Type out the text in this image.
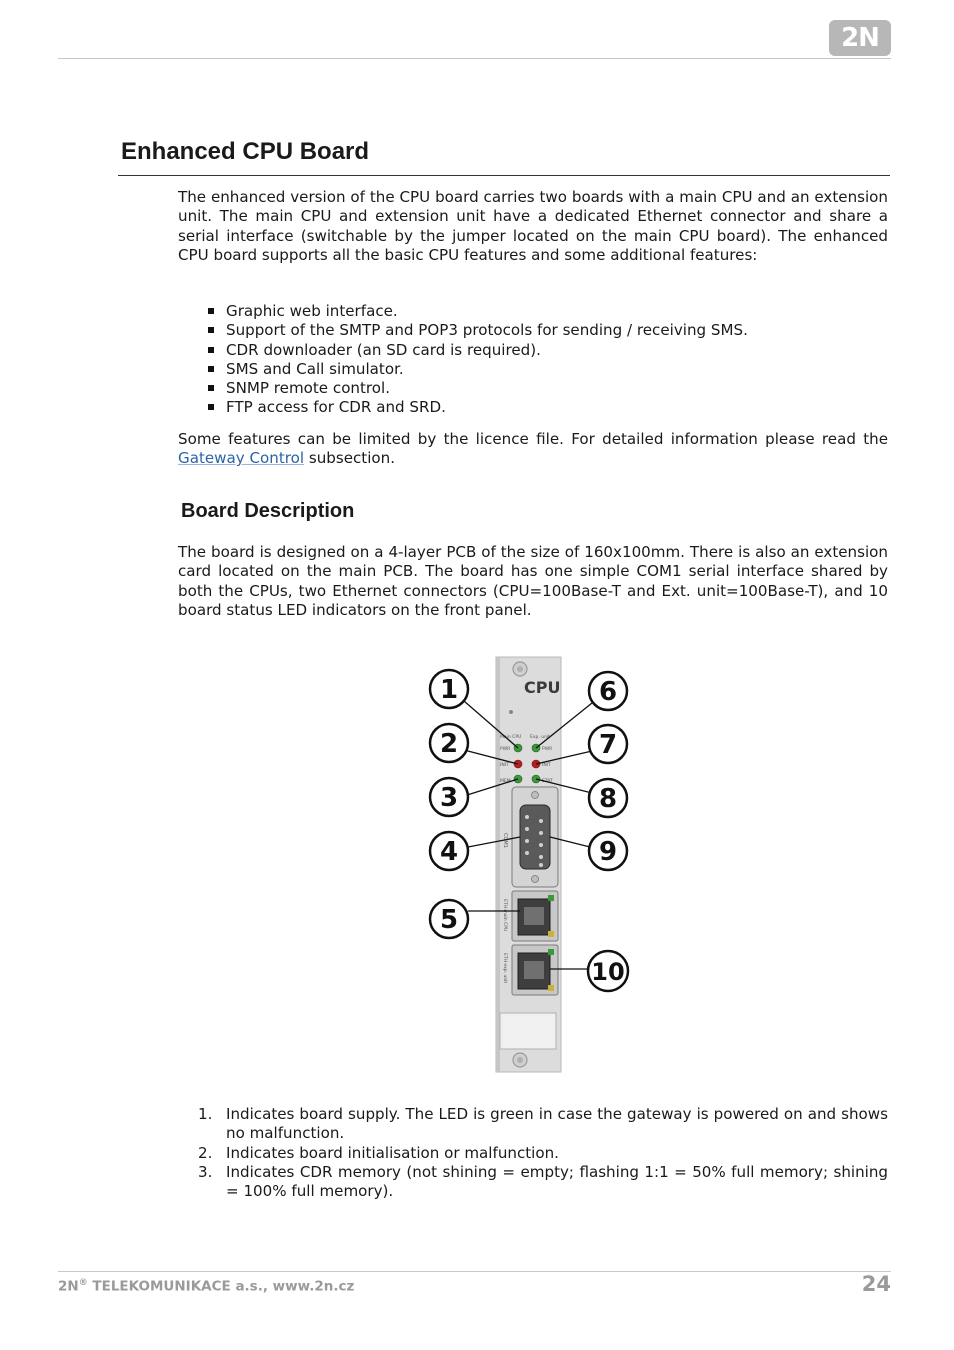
2N
Enhanced CPU Board

The enhanced version of the CPU board carries two boards with a main CPU and an extension unit. The main CPU and extension unit have a dedicated Ethernet connector and share a serial interface (switchable by the jumper located on the main CPU board). The enhanced CPU board supports all the basic CPU features and some additional features:

Graphic web interface.
Support of the SMTP and POP3 protocols for sending / receiving SMS.
CDR downloader (an SD card is required).
SMS and Call simulator.
SNMP remote control.
FTP access for CDR and SRD.

Some features can be limited by the licence file. For detailed information please read the Gateway Control subsection.

Board Description

The board is designed on a 4-layer PCB of the size of 160x100mm. There is also an extension card located on the main PCB. The board has one simple COM1 serial interface shared by both the CPUs, two Ethernet connectors (CPU=100Base-T and Ext. unit=100Base-T), and 10 board status LED indicators on the front panel.

CPU
Main CPU Exp. unit
PWR
INIT
MEM
PWR
INIT
STAT
COM1
ETH main CPU
ETH exp. unit
1
2
3
4
5
6
7
8
9
10
1. Indicates board supply. The LED is green in case the gateway is powered on and shows no malfunction.
2. Indicates board initialisation or malfunction.
3. Indicates CDR memory (not shining = empty; flashing 1:1 = 50% full memory; shining = 100% full memory).
2N® TELEKOMUNIKACE a.s., www.2n.cz	24
